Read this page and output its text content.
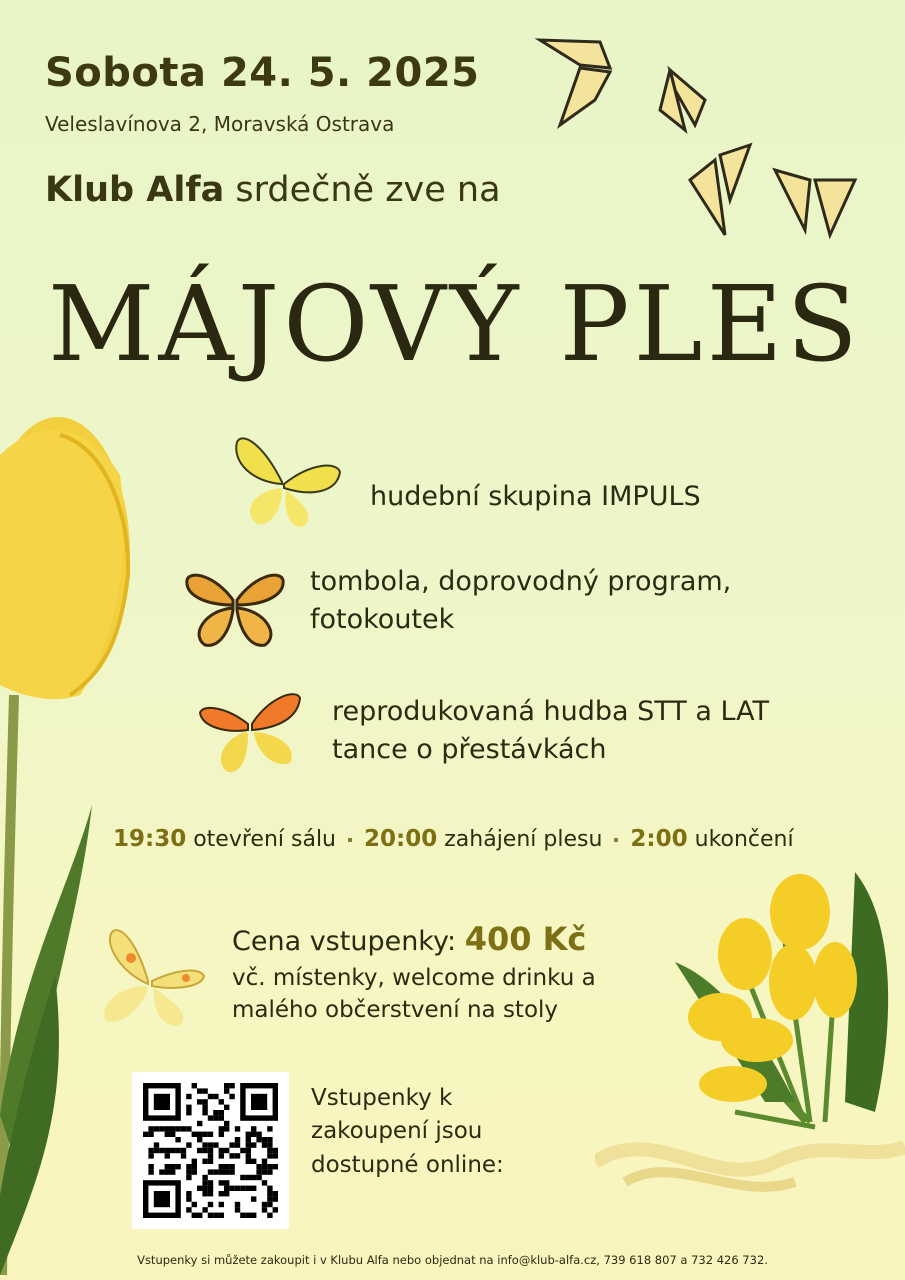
Sobota 24. 5. 2025
Veleslavínova 2, Moravská Ostrava
Klub Alfa srdečně zve na
MÁJOVÝ PLES
hudební skupina IMPULS
tombola, doprovodný program,
fotokoutek
reprodukovaná hudba STT a LAT
tance o přestávkách
19:30 otevření sálu 20:00 zahájení plesu 2:00 ukončení
Cena vstupenky: 400 Kč
vč. místenky, welcome drinku a
malého občerstvení na stoly
Vstupenky k
zakoupení jsou
dostupné online:
Vstupenky si můžete zakoupit i v Klubu Alfa nebo objednat na info@klub-alfa.cz, 739 618 807 a 732 426 732.
